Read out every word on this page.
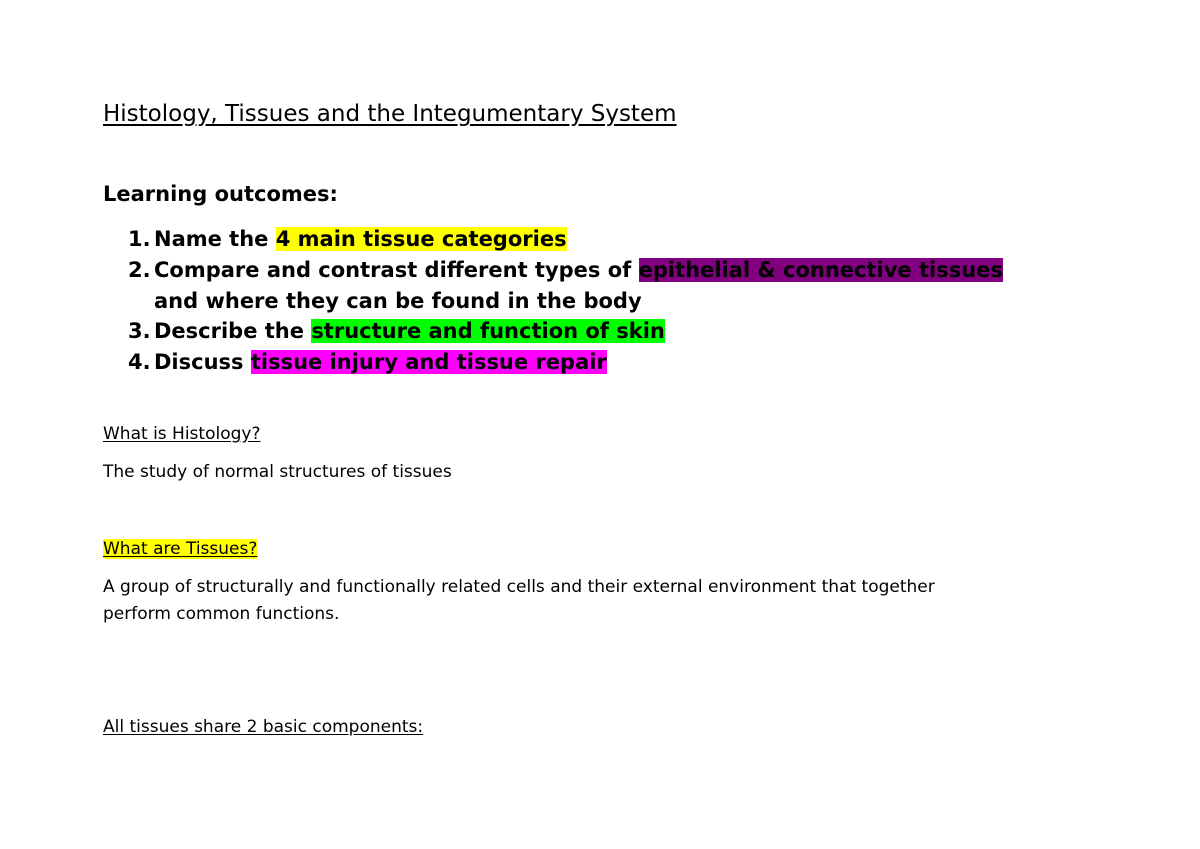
Histology, Tissues and the Integumentary System
Learning outcomes:
1. Name the 4 main tissue categories
2. Compare and contrast different types of epithelial & connective tissues
and where they can be found in the body
3. Describe the structure and function of skin
4. Discuss tissue injury and tissue repair
What is Histology?
The study of normal structures of tissues
What are Tissues?
A group of structurally and functionally related cells and their external environment that together
perform common functions.
All tissues share 2 basic components:
